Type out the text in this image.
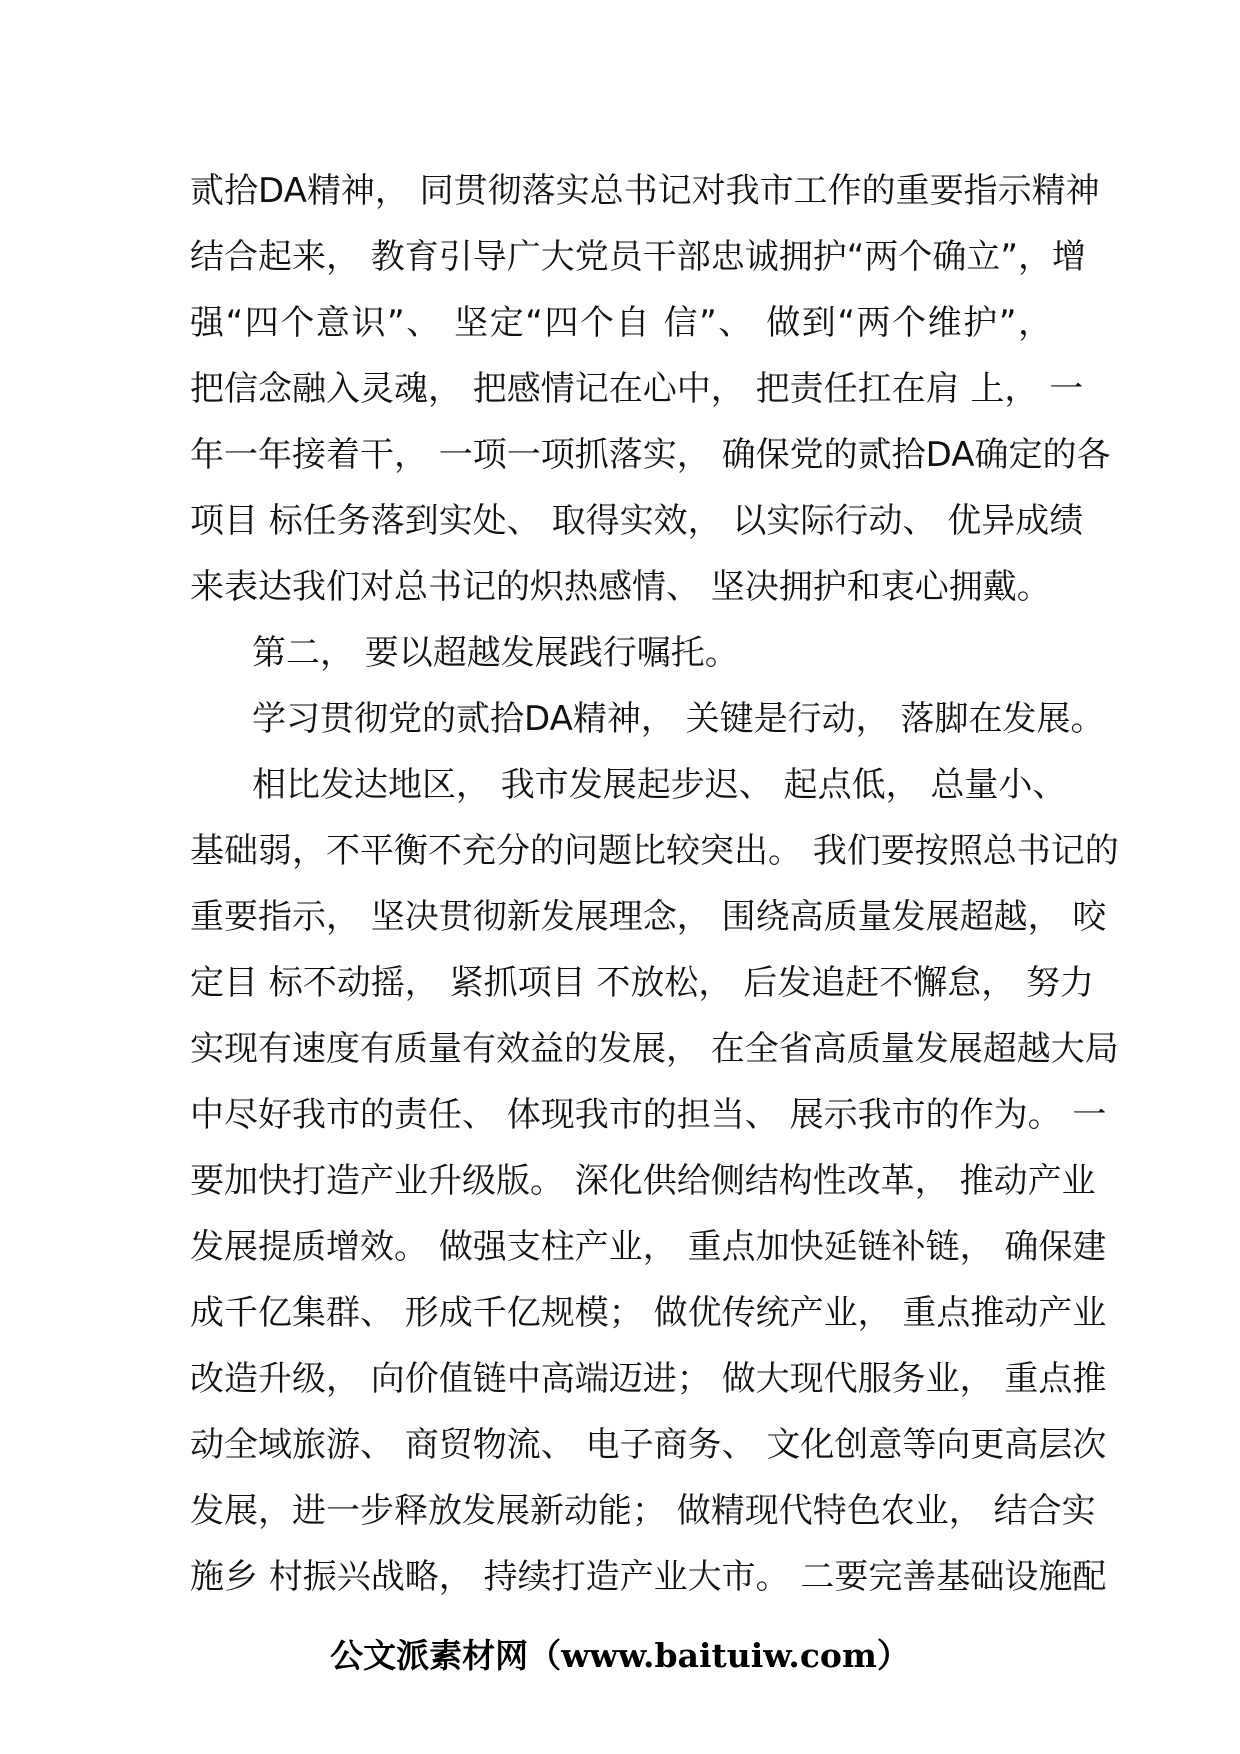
贰拾DA精神， 同贯彻落实总书记对我市工作的重要指示精神
结合起来， 教育引导广大党员干部忠诚拥护“两个确立”，增
强“四个意识”、 坚定“四个自 信”、 做到“两个维护”，
把信念融入灵魂， 把感情记在心中， 把责任扛在肩 上， 一
年一年接着干， 一项一项抓落实， 确保党的贰拾DA确定的各
项目 标任务落到实处、 取得实效， 以实际行动、 优异成绩
来表达我们对总书记的炽热感情、 坚决拥护和衷心拥戴。
第二， 要以超越发展践行嘱托。
学习贯彻党的贰拾DA精神， 关键是行动， 落脚在发展。
相比发达地区， 我市发展起步迟、 起点低， 总量小、
基础弱，不平衡不充分的问题比较突出。 我们要按照总书记的
重要指示， 坚决贯彻新发展理念， 围绕高质量发展超越， 咬
定目 标不动摇， 紧抓项目 不放松， 后发追赶不懈怠， 努力
实现有速度有质量有效益的发展， 在全省高质量发展超越大局
中尽好我市的责任、 体现我市的担当、 展示我市的作为。 一
要加快打造产业升级版。 深化供给侧结构性改革， 推动产业
发展提质增效。 做强支柱产业， 重点加快延链补链， 确保建
成千亿集群、 形成千亿规模； 做优传统产业， 重点推动产业
改造升级， 向价值链中高端迈进； 做大现代服务业， 重点推
动全域旅游、 商贸物流、 电子商务、 文化创意等向更高层次
发展，进一步释放发展新动能； 做精现代特色农业， 结合实
施乡 村振兴战略， 持续打造产业大市。 二要完善基础设施配
公文派素材网（www.baituiw.com）
